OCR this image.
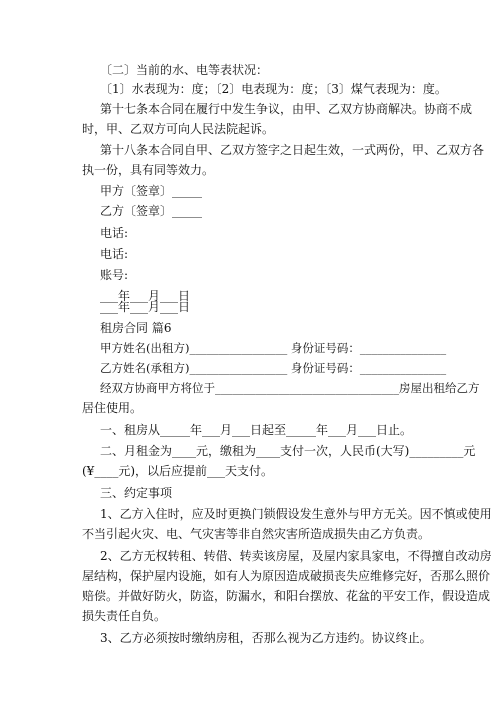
〔二〕当前的水、电等表状况：
〔1〕水表现为：度；〔2〕电表现为：度；〔3〕煤气表现为：度。
第十七条本合同在履行中发生争议，由甲、乙双方协商解决。协商不成
时，甲、乙双方可向人民法院起诉。
第十八条本合同自甲、乙双方签字之日起生效，一式两份，甲、乙双方各
执一份，具有同等效力。
甲方〔签章〕_____
乙方〔签章〕_____
电话:
电话:
账号:
___年___月___日
___年___月___日
租房合同 篇6
甲方姓名(出租方)_________________ 身份证号码：_______________
乙方姓名(承租方)_________________ 身份证号码：_______________
经双方协商甲方将位于________________________________房屋出租给乙方
居住使用。
一、租房从_____年___月___日起至_____年___月___日止。
二、月租金为____元，缴租为____支付一次，人民币(大写)_________元
(¥____元)，以后应提前___天支付。
三、约定事项
1、乙方入住时，应及时更换门锁假设发生意外与甲方无关。因不慎或使用
不当引起火灾、电、气灾害等非自然灾害所造成损失由乙方负责。
2、乙方无权转租、转借、转卖该房屋，及屋内家具家电，不得擅自改动房
屋结构，保护屋内设施，如有人为原因造成破损丧失应维修完好，否那么照价
赔偿。并做好防火，防盗，防漏水，和阳台摆放、花盆的平安工作，假设造成
损失责任自负。
3、乙方必须按时缴纳房租，否那么视为乙方违约。协议终止。
